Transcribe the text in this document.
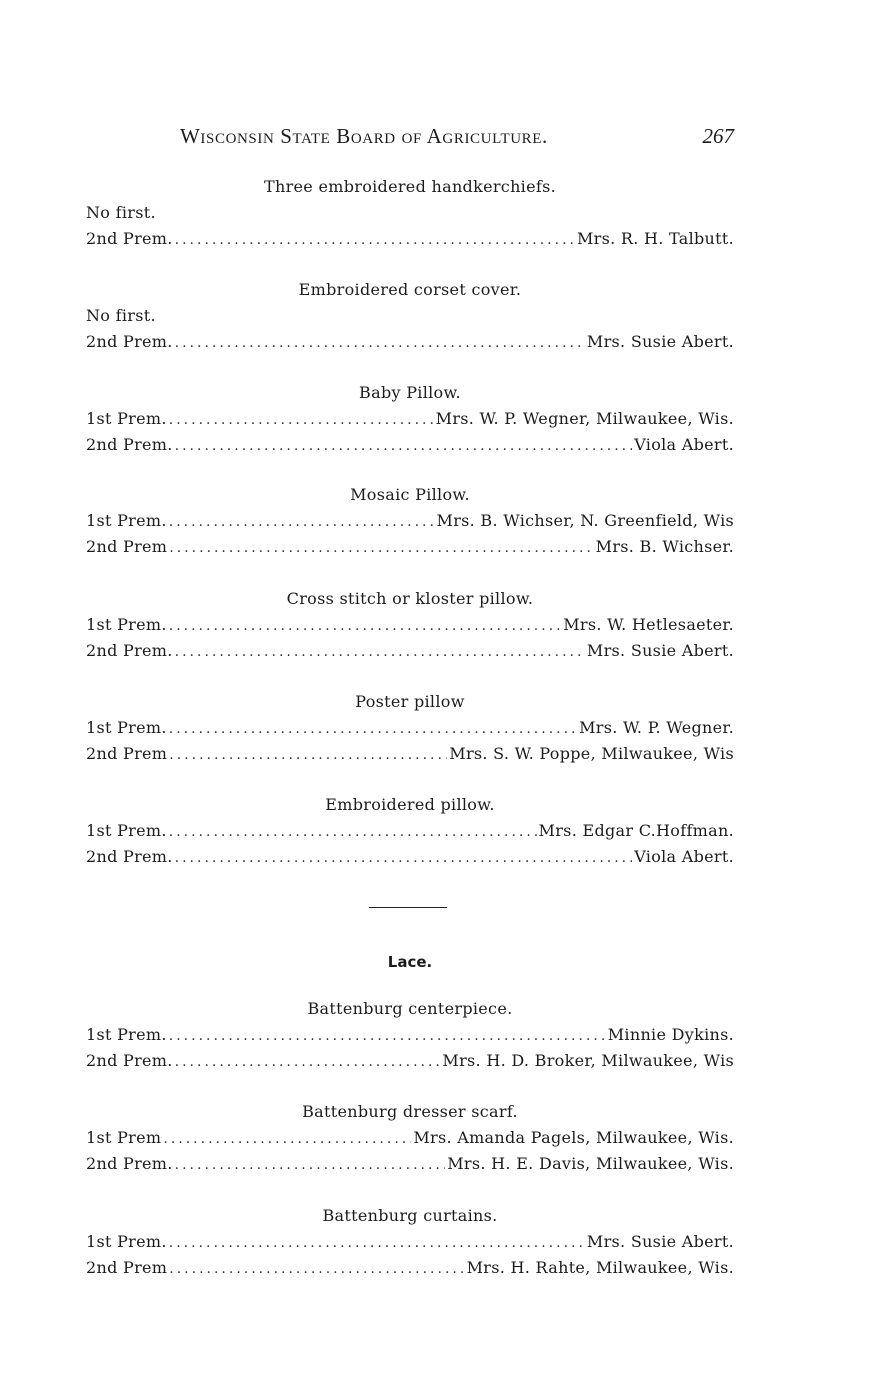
Wisconsin State Board of Agriculture.	267
Three embroidered handkerchiefs.
No first.
2nd Prem. .....	Mrs. R. H. Talbutt.
Embroidered corset cover.
No first.
2nd Prem. .....	Mrs. Susie Abert.
Baby Pillow.
1st Prem. .....	Mrs. W. P. Wegner, Milwaukee, Wis.
2nd Prem. .....	Viola Abert.
Mosaic Pillow.
1st Prem. .....	Mrs. B. Wichser, N. Greenfield, Wis
2nd Prem .....	Mrs. B. Wichser.
Cross stitch or kloster pillow.
1st Prem. .....	Mrs. W. Hetlesaeter.
2nd Prem. .....	Mrs. Susie Abert.
Poster pillow
1st Prem. .....	Mrs. W. P. Wegner.
2nd Prem .....	Mrs. S. W. Poppe, Milwaukee, Wis
Embroidered pillow.
1st Prem. .....	Mrs. Edgar C.Hoffman.
2nd Prem. .....	Viola Abert.
Lace.
Battenburg centerpiece.
1st Prem. .....	Minnie Dykins.
2nd Prem. .....	Mrs. H. D. Broker, Milwaukee, Wis
Battenburg dresser scarf.
1st Prem .....	Mrs. Amanda Pagels, Milwaukee, Wis.
2nd Prem. .....	Mrs. H. E. Davis, Milwaukee, Wis.
Battenburg curtains.
1st Prem. .....	Mrs. Susie Abert.
2nd Prem .....	Mrs. H. Rahte, Milwaukee, Wis.
